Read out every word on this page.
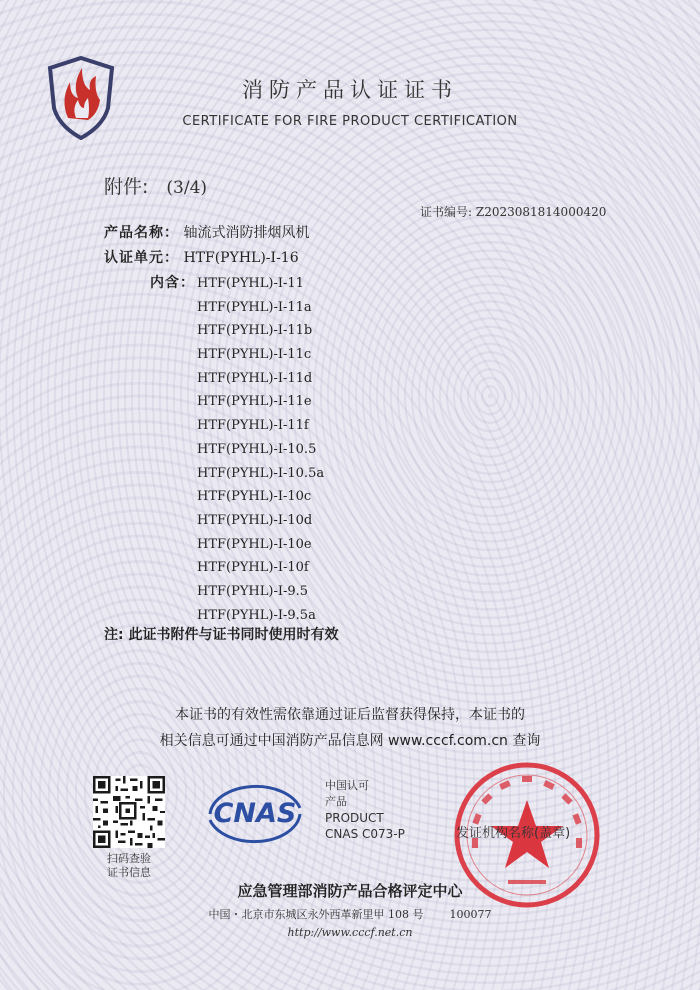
消防产品认证证书
CERTIFICATE FOR FIRE PRODUCT CERTIFICATION
附件: (3/4)
证书编号: Z2023081814000420
产品名称： 轴流式消防排烟风机
认证单元： HTF(PYHL)-I-16
内含： HTF(PYHL)-I-11
HTF(PYHL)-I-11a
HTF(PYHL)-I-11b
HTF(PYHL)-I-11c
HTF(PYHL)-I-11d
HTF(PYHL)-I-11e
HTF(PYHL)-I-11f
HTF(PYHL)-I-10.5
HTF(PYHL)-I-10.5a
HTF(PYHL)-I-10c
HTF(PYHL)-I-10d
HTF(PYHL)-I-10e
HTF(PYHL)-I-10f
HTF(PYHL)-I-9.5
HTF(PYHL)-I-9.5a
注: 此证书附件与证书同时使用时有效
本证书的有效性需依靠通过证后监督获得保持，本证书的
相关信息可通过中国消防产品信息网 www.cccf.com.cn 查询
扫码查验
证书信息
CNAS
中国认可
产品
PRODUCT
CNAS C073-P	发证机构名称(盖章)
应急管理部消防产品合格评定中心
中国・北京市东城区永外西革新里甲 108 号 100077
http://www.cccf.net.cn
